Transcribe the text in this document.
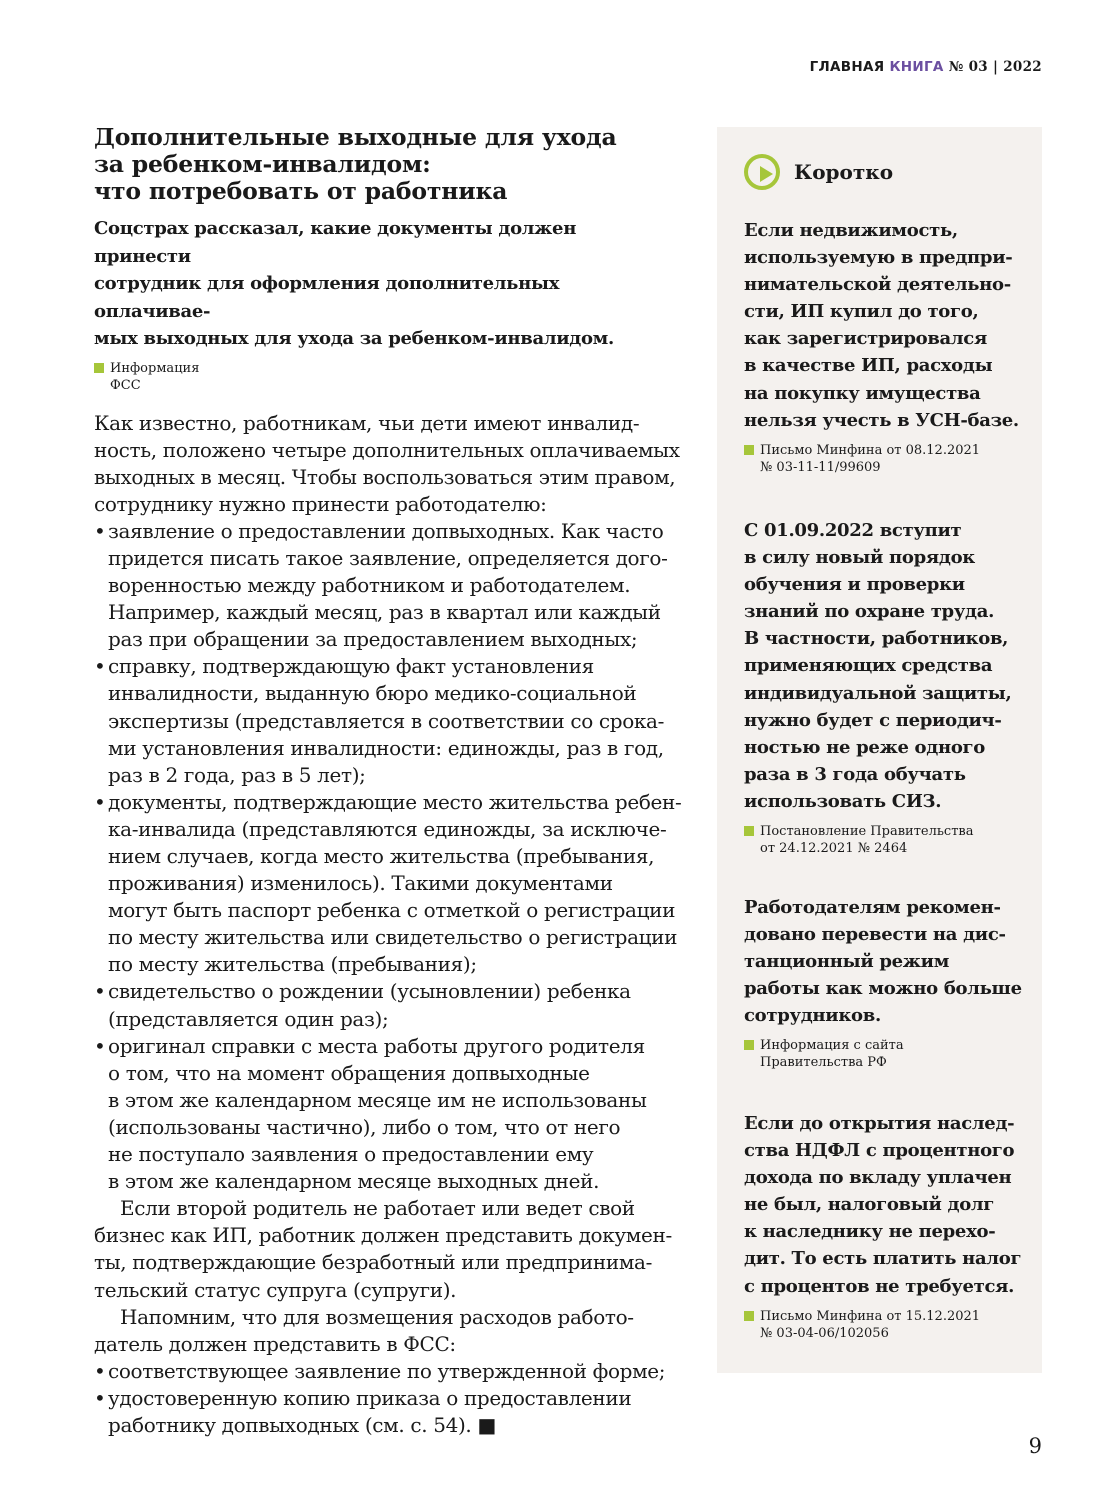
ГЛАВНАЯ КНИГА № 03 | 2022
Дополнительные выходные для ухода
за ребенком-инвалидом:
что потребовать от работника
Соцстрах рассказал, какие документы должен принести
сотрудник для оформления дополнительных оплачивае-
мых выходных для ухода за ребенком-инвалидом.
Информация
ФСС
Как известно, работникам, чьи дети имеют инвалид-
ность, положено четыре дополнительных оплачиваемых
выходных в месяц. Чтобы воспользоваться этим правом,
сотруднику нужно принести работодателю:
• заявление о предоставлении допвыходных. Как часто
придется писать такое заявление, определяется дого-
воренностью между работником и работодателем.
Например, каждый месяц, раз в квартал или каждый
раз при обращении за предоставлением выходных;
• справку, подтверждающую факт установления
инвалидности, выданную бюро медико-социальной
экспертизы (представляется в соответствии со срока-
ми установления инвалидности: единожды, раз в год,
раз в 2 года, раз в 5 лет);
• документы, подтверждающие место жительства ребен-
ка-инвалида (представляются единожды, за исключе-
нием случаев, когда место жительства (пребывания,
проживания) изменилось). Такими документами
могут быть паспорт ребенка с отметкой о регистрации
по месту жительства или свидетельство о регистрации
по месту жительства (пребывания);
• свидетельство о рождении (усыновлении) ребенка
(представляется один раз);
• оригинал справки с места работы другого родителя
о том, что на момент обращения допвыходные
в этом же календарном месяце им не использованы
(использованы частично), либо о том, что от него
не поступало заявления о предоставлении ему
в этом же календарном месяце выходных дней.
Если второй родитель не работает или ведет свой
бизнес как ИП, работник должен представить докумен-
ты, подтверждающие безработный или предпринима-
тельский статус супруга (супруги).
Напомним, что для возмещения расходов работо-
датель должен представить в ФСС:
• соответствующее заявление по утвержденной форме;
• удостоверенную копию приказа о предоставлении
работнику допвыходных (см. с. 54). ■
Коротко
Если недвижимость,
используемую в предпри-
нимательской деятельно-
сти, ИП купил до того,
как зарегистрировался
в качестве ИП, расходы
на покупку имущества
нельзя учесть в УСН-базе.
Письмо Минфина от 08.12.2021
№ 03-11-11/99609
С 01.09.2022 вступит
в силу новый порядок
обучения и проверки
знаний по охране труда.
В частности, работников,
применяющих средства
индивидуальной защиты,
нужно будет с периодич-
ностью не реже одного
раза в 3 года обучать
использовать СИЗ.
Постановление Правительства
от 24.12.2021 № 2464
Работодателям рекомен-
довано перевести на дис-
танционный режим
работы как можно больше
сотрудников.
Информация с сайта
Правительства РФ
Если до открытия наслед-
ства НДФЛ с процентного
дохода по вкладу уплачен
не был, налоговый долг
к наследнику не перехо-
дит. То есть платить налог
с процентов не требуется.
Письмо Минфина от 15.12.2021
№ 03-04-06/102056
9
